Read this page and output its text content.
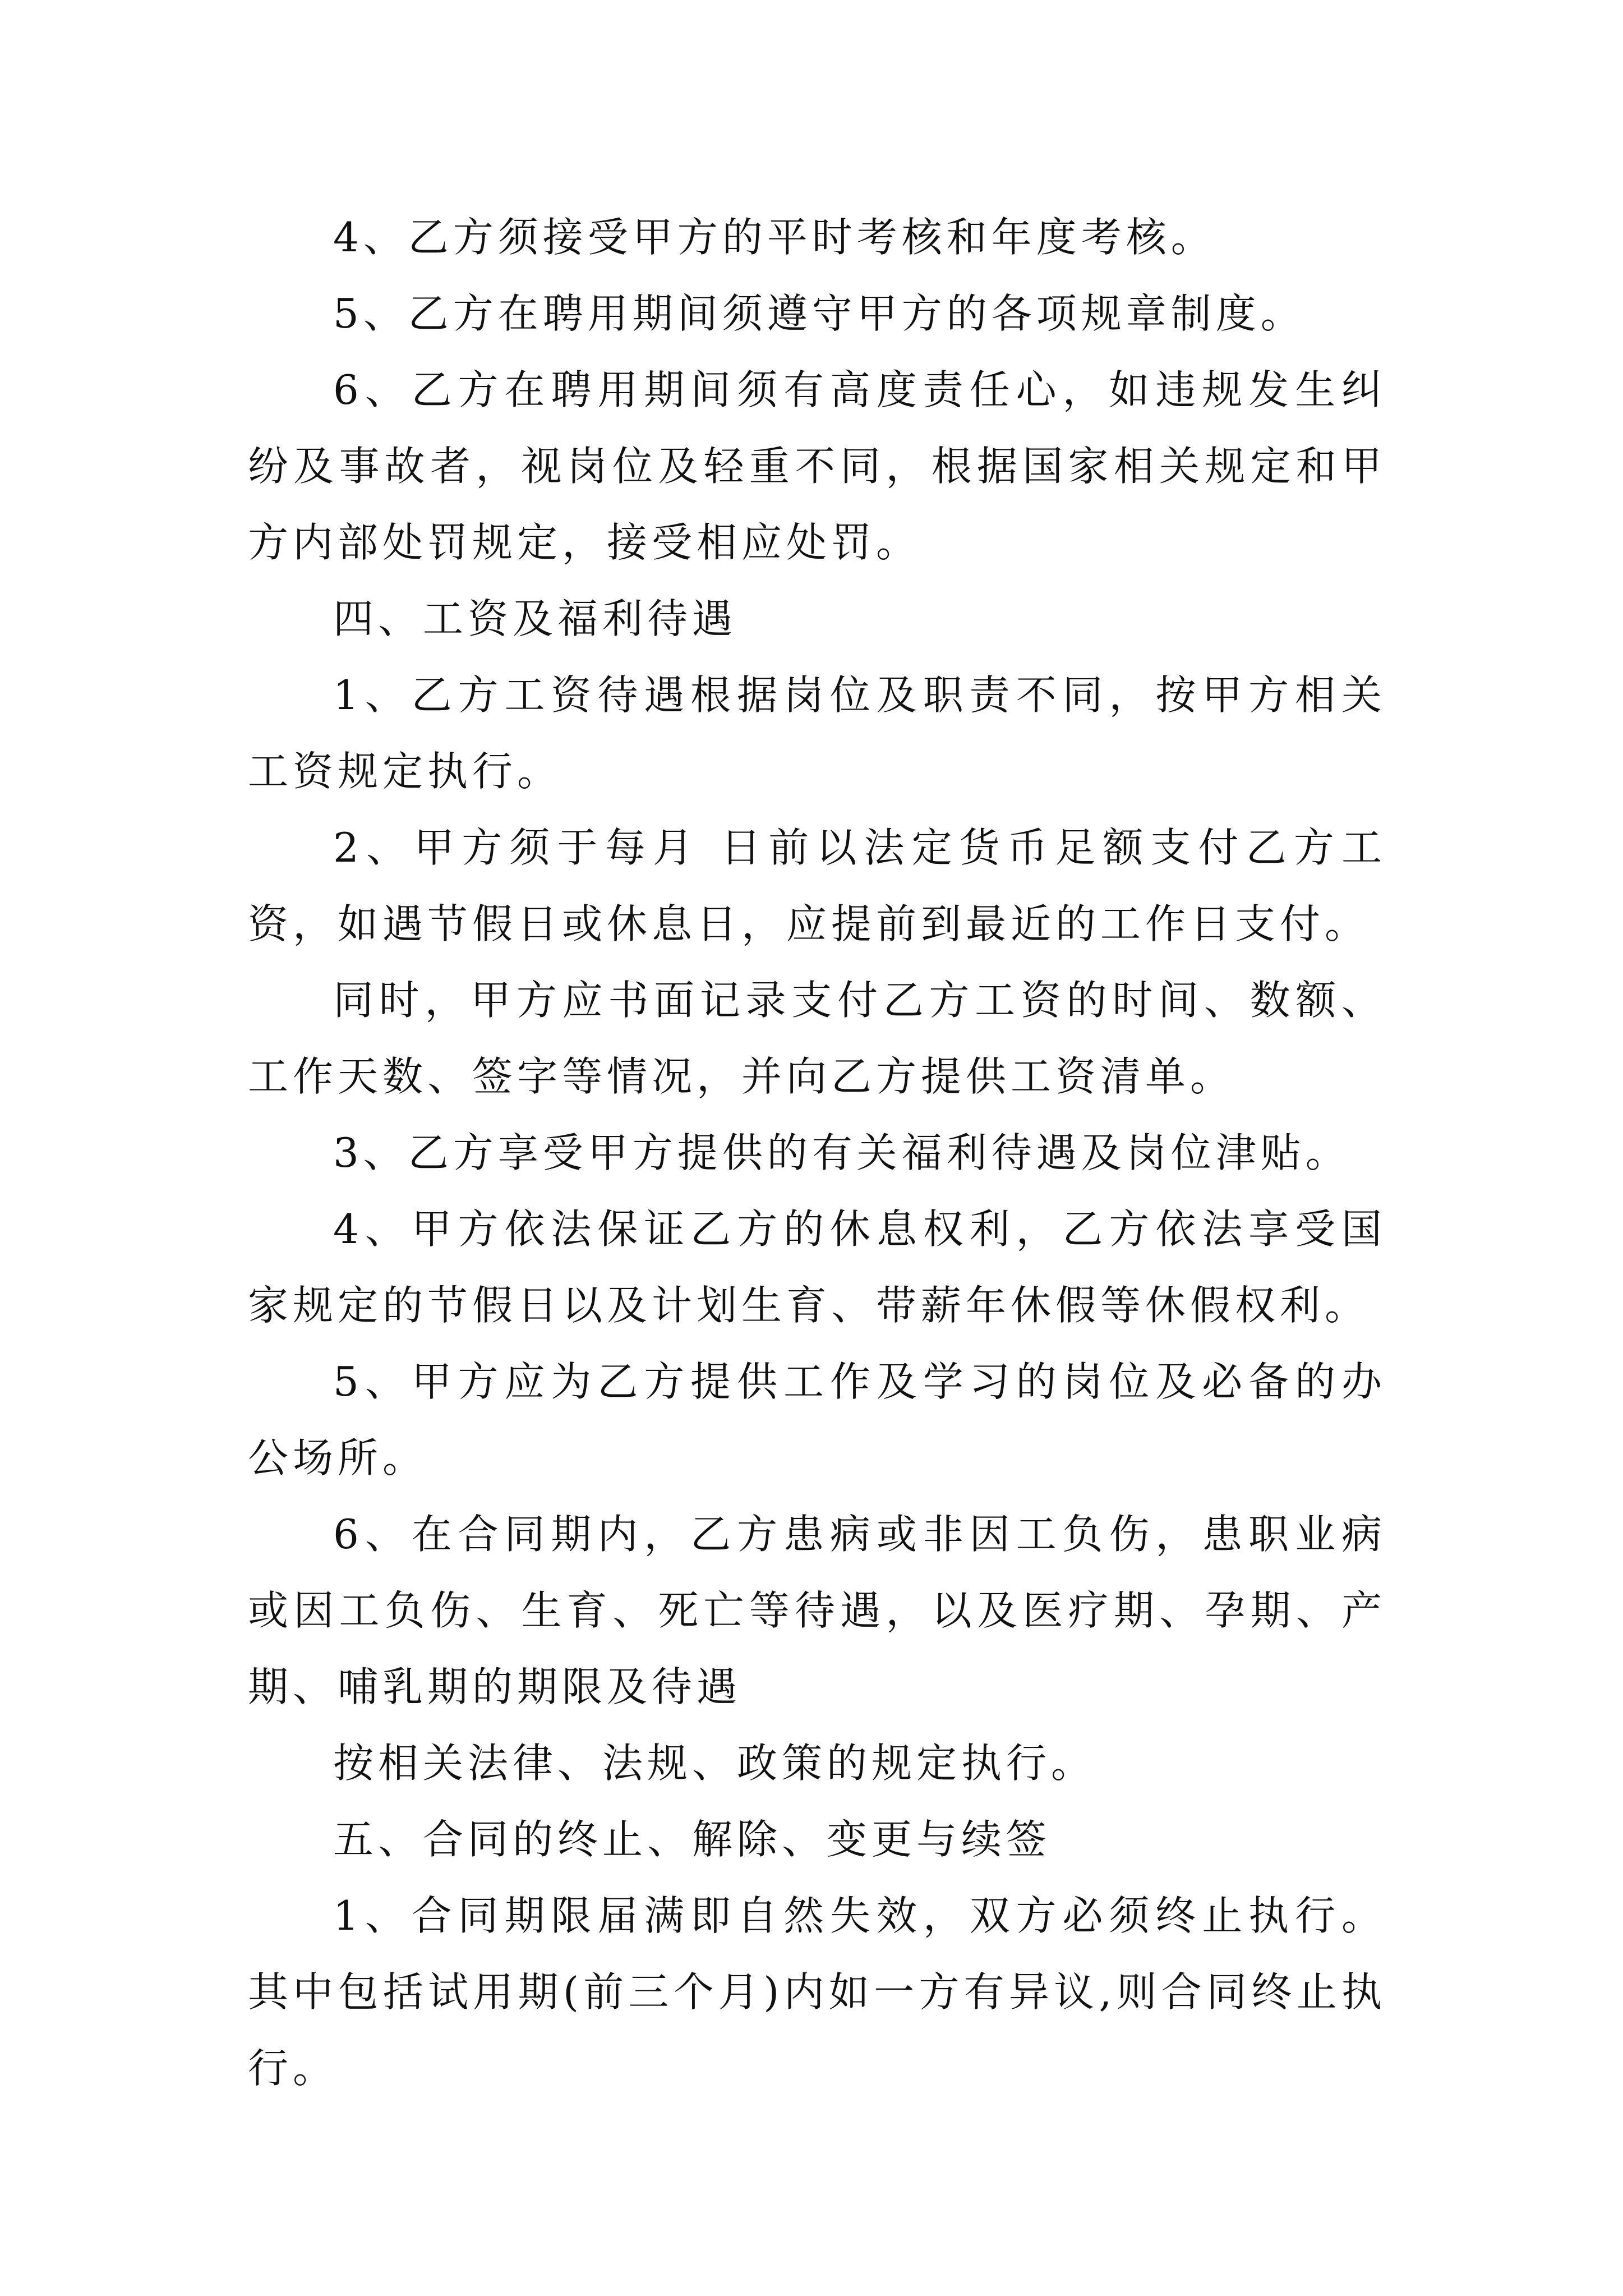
4、乙方须接受甲方的平时考核和年度考核。

5、乙方在聘用期间须遵守甲方的各项规章制度。

6、乙方在聘用期间须有高度责任心，如违规发生纠纷及事故者，视岗位及轻重不同，根据国家相关规定和甲方内部处罚规定，接受相应处罚。

四、工资及福利待遇

1、乙方工资待遇根据岗位及职责不同，按甲方相关工资规定执行。

2、甲方须于每月 日前以法定货币足额支付乙方工资，如遇节假日或休息日，应提前到最近的工作日支付。

同时，甲方应书面记录支付乙方工资的时间、数额、工作天数、签字等情况，并向乙方提供工资清单。

3、乙方享受甲方提供的有关福利待遇及岗位津贴。

4、甲方依法保证乙方的休息权利，乙方依法享受国家规定的节假日以及计划生育、带薪年休假等休假权利。

5、甲方应为乙方提供工作及学习的岗位及必备的办公场所。

6、在合同期内，乙方患病或非因工负伤，患职业病或因工负伤、生育、死亡等待遇，以及医疗期、孕期、产期、哺乳期的期限及待遇

按相关法律、法规、政策的规定执行。

五、合同的终止、解除、变更与续签

1、合同期限届满即自然失效，双方必须终止执行。其中包括试用期(前三个月)内如一方有异议,则合同终止执行。
